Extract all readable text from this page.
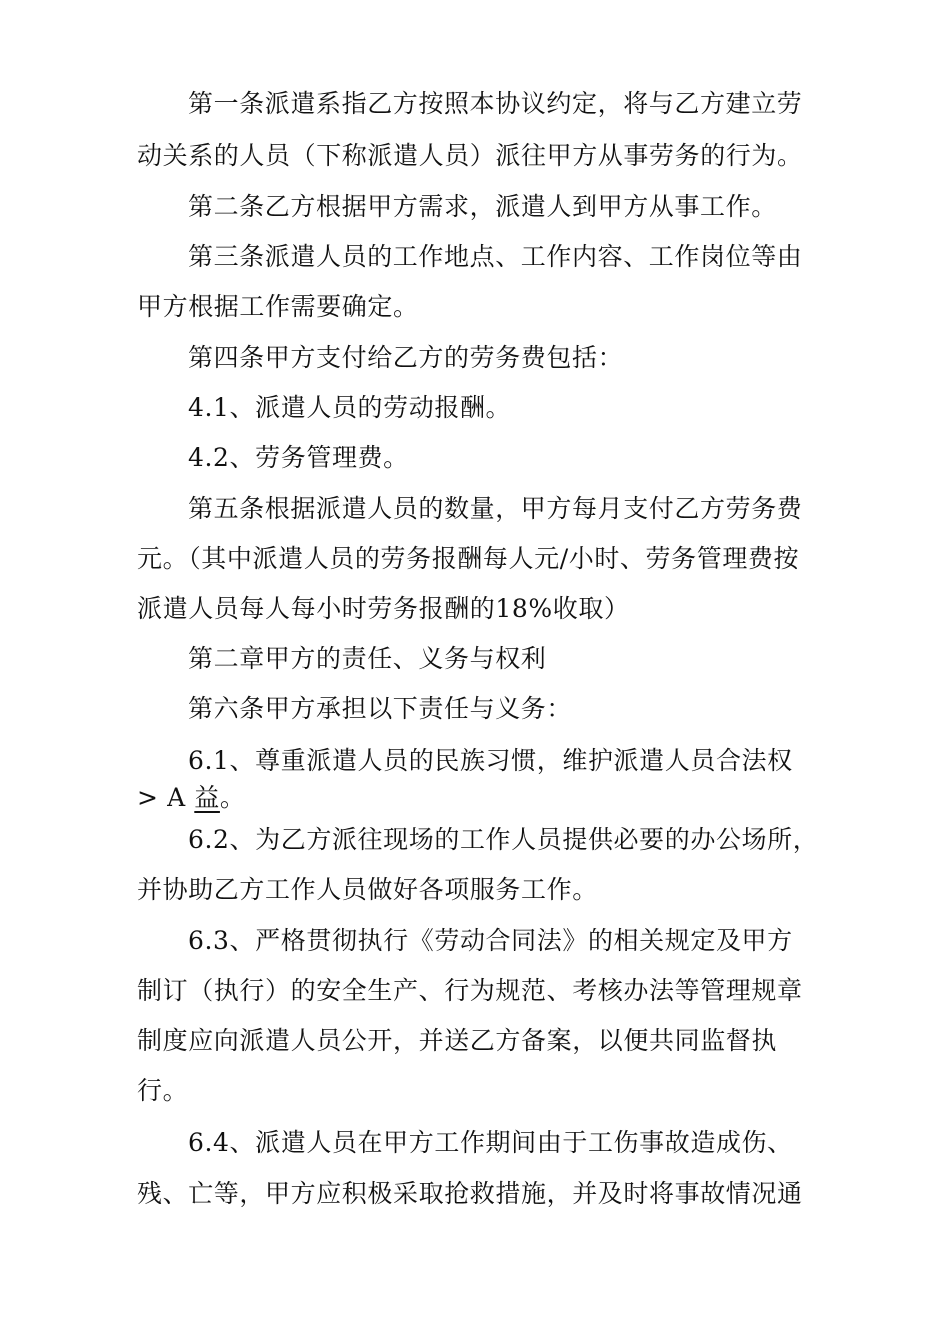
第一条派遣系指乙方按照本协议约定，将与乙方建立劳
动关系的人员（下称派遣人员）派往甲方从事劳务的行为。
第二条乙方根据甲方需求，派遣人到甲方从事工作。
第三条派遣人员的工作地点、工作内容、工作岗位等由
甲方根据工作需要确定。
第四条甲方支付给乙方的劳务费包括：
4.1、派遣人员的劳动报酬。
4.2、劳务管理费。
第五条根据派遣人员的数量，甲方每月支付乙方劳务费
元。（其中派遣人员的劳务报酬每人元/小时、劳务管理费按
派遣人员每人每小时劳务报酬的18%收取）
第二章甲方的责任、义务与权利
第六条甲方承担以下责任与义务：
6.1、尊重派遣人员的民族习惯，维护派遣人员合法权
> A 益。
6.2、为乙方派往现场的工作人员提供必要的办公场所，
并协助乙方工作人员做好各项服务工作。
6.3、严格贯彻执行《劳动合同法》的相关规定及甲方
制订（执行）的安全生产、行为规范、考核办法等管理规章
制度应向派遣人员公开，并送乙方备案，以便共同监督执
行。
6.4、派遣人员在甲方工作期间由于工伤事故造成伤、
残、亡等，甲方应积极采取抢救措施，并及时将事故情况通
